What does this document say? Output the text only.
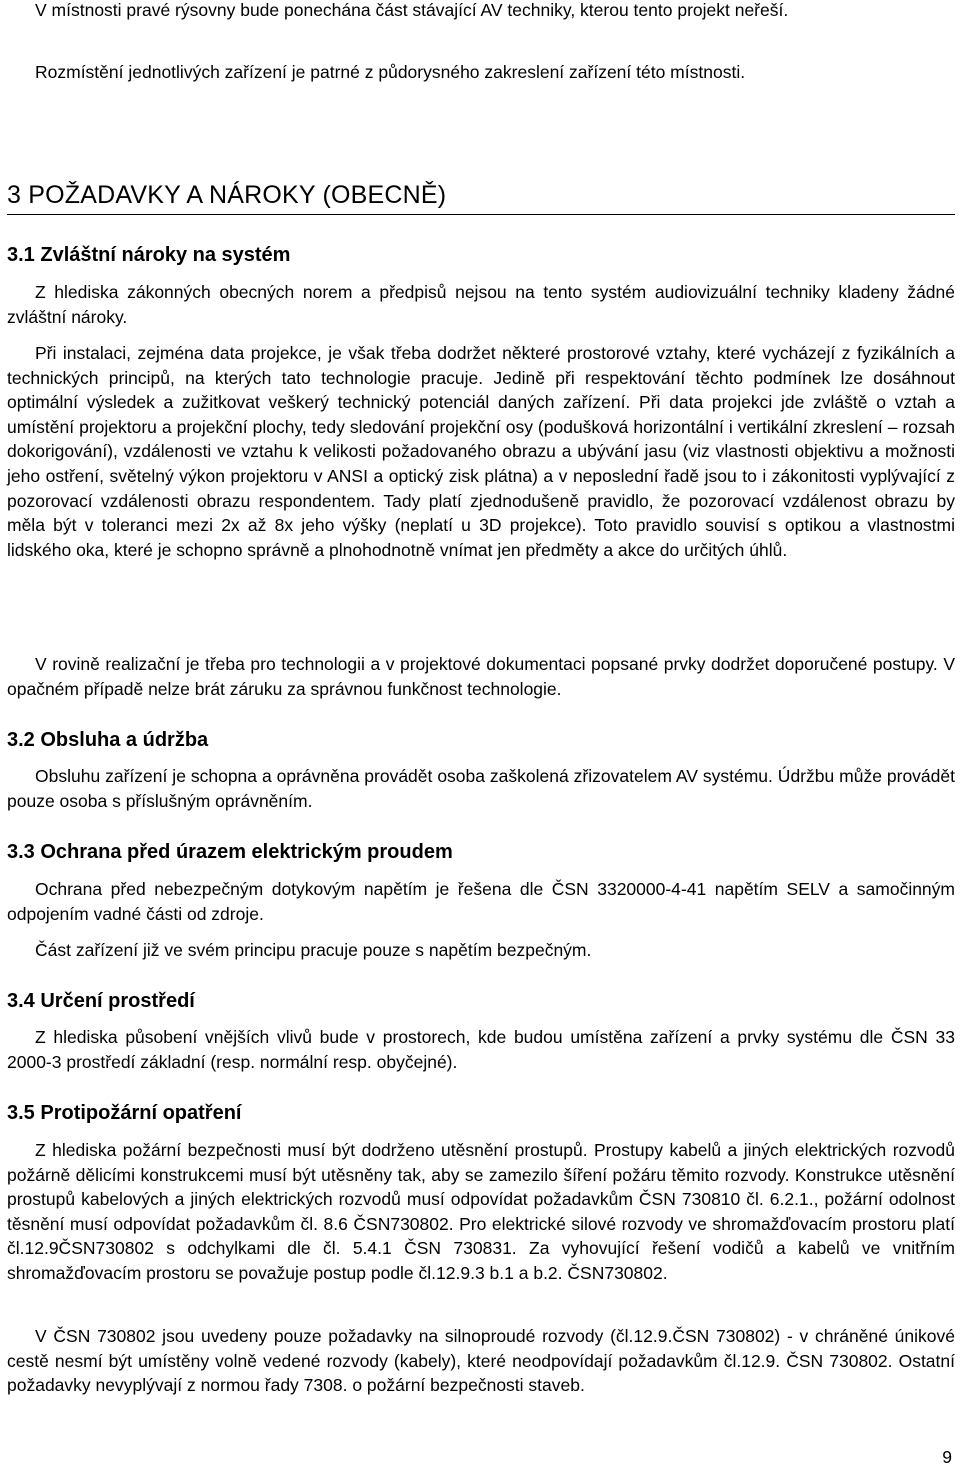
V místnosti pravé rýsovny bude ponechána část stávající AV techniky, kterou tento projekt neřeší.

Rozmístění jednotlivých zařízení je patrné z půdorysného zakreslení zařízení této místnosti.

3 POŽADAVKY A NÁROKY (OBECNĚ)
3.1 Zvláštní nároky na systém

Z hlediska zákonných obecných norem a předpisů nejsou na tento systém audiovizuální techniky kladeny žádné zvláštní nároky.

Při instalaci, zejména data projekce, je však třeba dodržet některé prostorové vztahy, které vycházejí z fyzikálních a technických principů, na kterých tato technologie pracuje. Jedině při respektování těchto podmínek lze dosáhnout optimální výsledek a zužitkovat veškerý technický potenciál daných zařízení. Při data projekci jde zvláště o vztah a umístění projektoru a projekční plochy, tedy sledování projekční osy (podušková horizontální i vertikální zkreslení – rozsah dokorigování), vzdálenosti ve vztahu k velikosti požadovaného obrazu a ubývání jasu (viz vlastnosti objektivu a možnosti jeho ostření, světelný výkon projektoru v ANSI a optický zisk plátna) a v neposlední řadě jsou to i zákonitosti vyplývající z pozorovací vzdálenosti obrazu respondentem. Tady platí zjednodušeně pravidlo, že pozorovací vzdálenost obrazu by měla být v toleranci mezi 2x až 8x jeho výšky (neplatí u 3D projekce). Toto pravidlo souvisí s optikou a vlastnostmi lidského oka, které je schopno správně a plnohodnotně vnímat jen předměty a akce do určitých úhlů.

V rovině realizační je třeba pro technologii a v projektové dokumentaci popsané prvky dodržet doporučené postupy. V opačném případě nelze brát záruku za správnou funkčnost technologie.

3.2 Obsluha a údržba

Obsluhu zařízení je schopna a oprávněna provádět osoba zaškolená zřizovatelem AV systému. Údržbu může provádět pouze osoba s příslušným oprávněním.

3.3 Ochrana před úrazem elektrickým proudem

Ochrana před nebezpečným dotykovým napětím je řešena dle ČSN 3320000-4-41 napětím SELV a samočinným odpojením vadné části od zdroje.

Část zařízení již ve svém principu pracuje pouze s napětím bezpečným.

3.4 Určení prostředí

Z hlediska působení vnějších vlivů bude v prostorech, kde budou umístěna zařízení a prvky systému dle ČSN 33 2000-3 prostředí základní (resp. normální resp. obyčejné).

3.5 Protipožární opatření

Z hlediska požární bezpečnosti musí být dodrženo utěsnění prostupů. Prostupy kabelů a jiných elektrických rozvodů požárně dělicími konstrukcemi musí být utěsněny tak, aby se zamezilo šíření požáru těmito rozvody. Konstrukce utěsnění prostupů kabelových a jiných elektrických rozvodů musí odpovídat požadavkům ČSN 730810 čl. 6.2.1., požární odolnost těsnění musí odpovídat požadavkům čl. 8.6 ČSN730802. Pro elektrické silové rozvody ve shromažďovacím prostoru platí čl.12.9ČSN730802 s odchylkami dle čl. 5.4.1 ČSN 730831. Za vyhovující řešení vodičů a kabelů ve vnitřním shromažďovacím prostoru se považuje postup podle čl.12.9.3 b.1 a b.2. ČSN730802.

V ČSN 730802 jsou uvedeny pouze požadavky na silnoproudé rozvody (čl.12.9.ČSN 730802) - v chráněné únikové cestě nesmí být umístěny volně vedené rozvody (kabely), které neodpovídají požadavkům čl.12.9. ČSN 730802. Ostatní požadavky nevyplývají z normou řady 7308. o požární bezpečnosti staveb.

9
